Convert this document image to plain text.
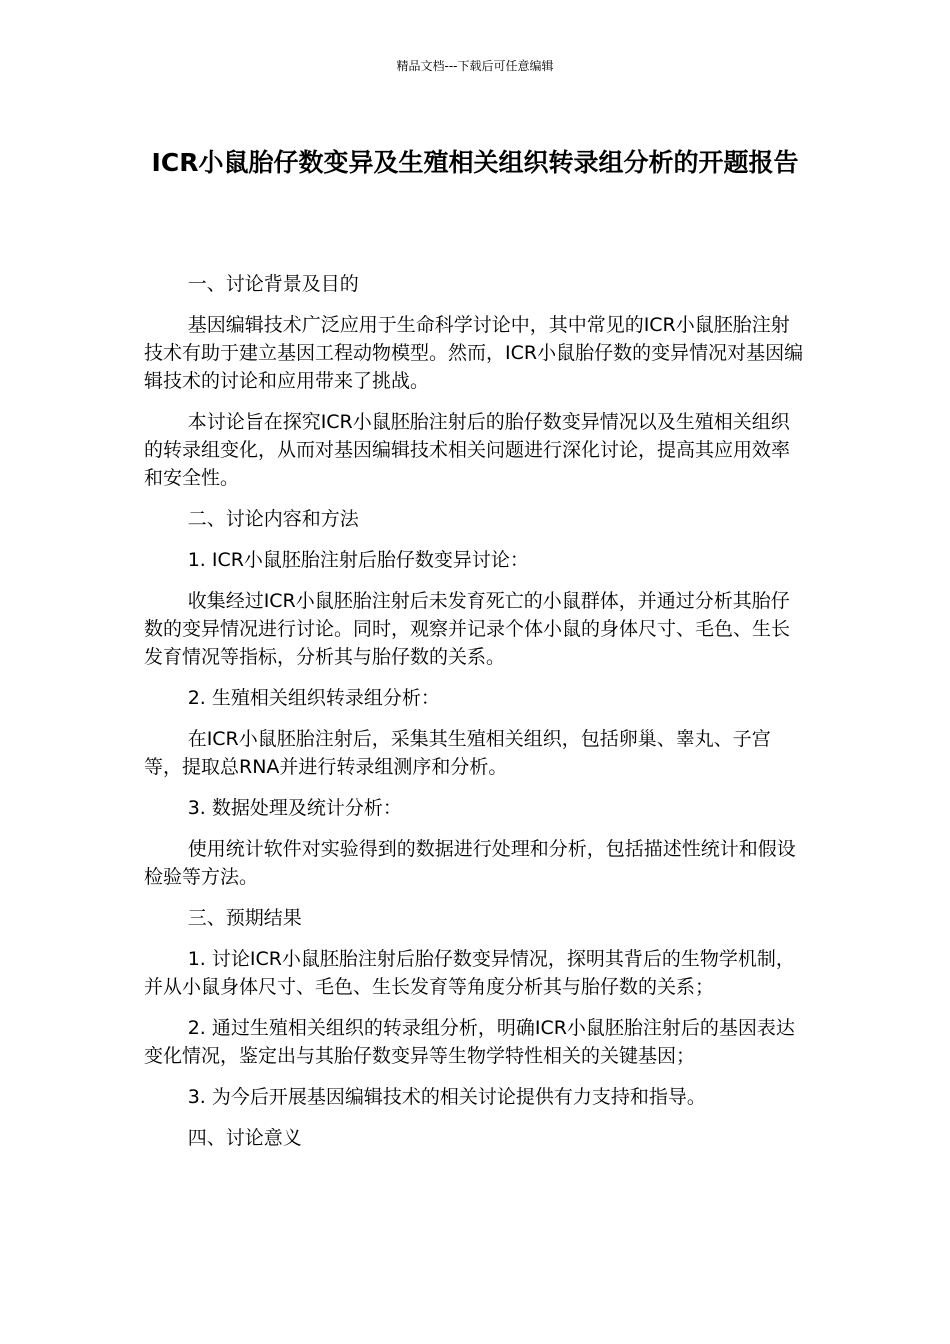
精品文档---下载后可任意编辑
ICR小鼠胎仔数变异及生殖相关组织转录组分析的开题报告

一、讨论背景及目的

基因编辑技术广泛应用于生命科学讨论中，其中常见的ICR小鼠胚胎注射技术有助于建立基因工程动物模型。然而，ICR小鼠胎仔数的变异情况对基因编辑技术的讨论和应用带来了挑战。

本讨论旨在探究ICR小鼠胚胎注射后的胎仔数变异情况以及生殖相关组织的转录组变化，从而对基因编辑技术相关问题进行深化讨论，提高其应用效率和安全性。

二、讨论内容和方法

1. ICR小鼠胚胎注射后胎仔数变异讨论：

收集经过ICR小鼠胚胎注射后未发育死亡的小鼠群体，并通过分析其胎仔数的变异情况进行讨论。同时，观察并记录个体小鼠的身体尺寸、毛色、生长发育情况等指标，分析其与胎仔数的关系。

2. 生殖相关组织转录组分析：

在ICR小鼠胚胎注射后，采集其生殖相关组织，包括卵巢、睾丸、子宫等，提取总RNA并进行转录组测序和分析。

3. 数据处理及统计分析：

使用统计软件对实验得到的数据进行处理和分析，包括描述性统计和假设检验等方法。

三、预期结果

1. 讨论ICR小鼠胚胎注射后胎仔数变异情况，探明其背后的生物学机制，并从小鼠身体尺寸、毛色、生长发育等角度分析其与胎仔数的关系；

2. 通过生殖相关组织的转录组分析，明确ICR小鼠胚胎注射后的基因表达变化情况，鉴定出与其胎仔数变异等生物学特性相关的关键基因；

3. 为今后开展基因编辑技术的相关讨论提供有力支持和指导。

四、讨论意义
